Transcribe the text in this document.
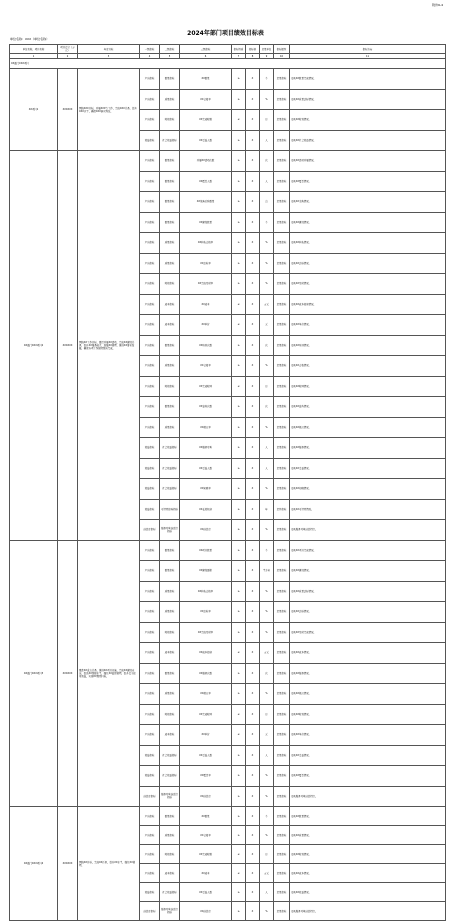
附件6-4
2024年部门项目绩效目标表
单位名称：XXX（单位名称）
单位名称、项目名称	项目资金（万元）	年度目标	一级指标	二级指标	三级指标	指标性质	指标值	度量单位	指标属性	指标方向
1	2	3	4	5	6	7	8	9	10	11
XX部门XXX项目										
XX项目1	XXXXXX	围绕XXX目标，开展XXX等工作，完成XXX任务，提升XXX水平，确保XXX落实到位。	产出指标	数量指标	XX数量	≥	X	个	定量指标	反映XX数量完成情况。
			产出指标	质量指标	XX合格率	≥	X	%	定量指标	反映XX质量达标情况。
			产出指标	时效指标	XX完成时限	≤	X	月	定量指标	反映XX时效情况。
			效益指标	社会效益指标	XX受益人数	≥	X	人	定量指标	反映XX社会效益情况。
XX部门XXX项目2	XXXXXX	围绕XX工作目标，组织开展XX活动，完成XX建设任务，提升XX服务能力，加强XX管理，推进XX事业发展，确保各项工作按期保质完成。	产出指标	数量指标	开展XX活动次数	≥	X	次	定量指标	反映XX活动开展情况。
			产出指标	数量指标	XX覆盖人数	≥	X	人	定量指标	反映XX覆盖情况。
			产出指标	数量指标	XX设备采购数量	≥	X	台	定量指标	反映XX采购情况。
			产出指标	数量指标	XX建设数量	≥	X	个	定量指标	反映XX建设情况。
			产出指标	质量指标	XX验收合格率	≥	X	%	定量指标	反映XX验收情况。
			产出指标	质量指标	XX达标率	≥	X	%	定量指标	反映XX达标情况。
			产出指标	时效指标	XX完成及时率	≥	X	%	定量指标	反映XX及时情况。
			产出指标	成本指标	XX成本	≤	X	万元	定量指标	反映XX成本控制情况。
			产出指标	成本指标	XX单价	≤	X	元	定量指标	反映XX单价情况。
			产出指标	数量指标	XX培训次数	≥	X	次	定量指标	反映XX培训情况。
			产出指标	质量指标	XX合格率	≥	X	%	定量指标	反映XX合格情况。
			产出指标	时效指标	XX完成时间	≤	X	月	定量指标	反映XX时间情况。
			产出指标	数量指标	XX宣传次数	≥	X	次	定量指标	反映XX宣传情况。
			产出指标	质量指标	XX规范率	≥	X	%	定量指标	反映XX规范情况。
			效益指标	社会效益指标	XX服务对象	≥	X	人	定量指标	反映XX服务情况。
			效益指标	社会效益指标	XX受益人数	≥	X	人	定量指标	反映XX受益情况。
			效益指标	社会效益指标	XX知晓率	≥	X	%	定量指标	反映XX知晓情况。
			效益指标	可持续影响指标	XX长效机制	≥	X	年	定性指标	反映XX可持续情况。
			满意度指标	服务对象满意度指标	XX满意度	≥	X	%	定量指标	反映服务对象满意程度。
XX部门XXX项目3	XXXXXX	聚焦XX重点任务，推进XX项目实施，完成XX建设内容，提高XX保障水平，强化XX监督管理，提升资金使用效益，实现XX预期目标。	产出指标	数量指标	XX项目数量	≥	X	个	定量指标	反映XX项目完成情况。
			产出指标	数量指标	XX建设面积	≥	X	平方米	定量指标	反映XX建设情况。
			产出指标	质量指标	XX验收合格率	≥	X	%	定量指标	反映XX质量达标情况。
			产出指标	质量指标	XX达标率	≥	X	%	定量指标	反映XX达标情况。
			产出指标	时效指标	XX完成及时率	≥	X	%	定量指标	反映XX及时完成情况。
			产出指标	成本指标	XX成本控制	≤	X	万元	定量指标	反映XX成本情况。
			产出指标	数量指标	XX服务次数	≥	X	次	定量指标	反映XX服务情况。
			产出指标	质量指标	XX规范率	≥	X	%	定量指标	反映XX规范情况。
			产出指标	时效指标	XX完成时间	≤	X	月	定量指标	反映XX时效情况。
			产出指标	成本指标	XX单价	≤	X	元	定量指标	反映XX单价情况。
			效益指标	社会效益指标	XX受益人数	≥	X	人	定量指标	反映XX受益情况。
			效益指标	社会效益指标	XX覆盖率	≥	X	%	定量指标	反映XX覆盖情况。
			满意度指标	服务对象满意度指标	XX满意度	≥	X	%	定量指标	反映服务对象满意程度。
XX部门XXX项目4	XXXXXX	围绕XX目标，完成XX任务，提升XX水平，强化XX管理。	产出指标	数量指标	XX数量	≥	X	个	定量指标	反映XX数量情况。
			产出指标	质量指标	XX合格率	≥	X	%	定量指标	反映XX质量情况。
			产出指标	时效指标	XX完成时限	≤	X	月	定量指标	反映XX时效情况。
			产出指标	成本指标	XX成本	≤	X	万元	定量指标	反映XX成本情况。
			效益指标	社会效益指标	XX受益人数	≥	X	人	定量指标	反映XX效益情况。
			满意度指标	服务对象满意度指标	XX满意度	≥	X	%	定量指标	反映服务对象满意程度。
